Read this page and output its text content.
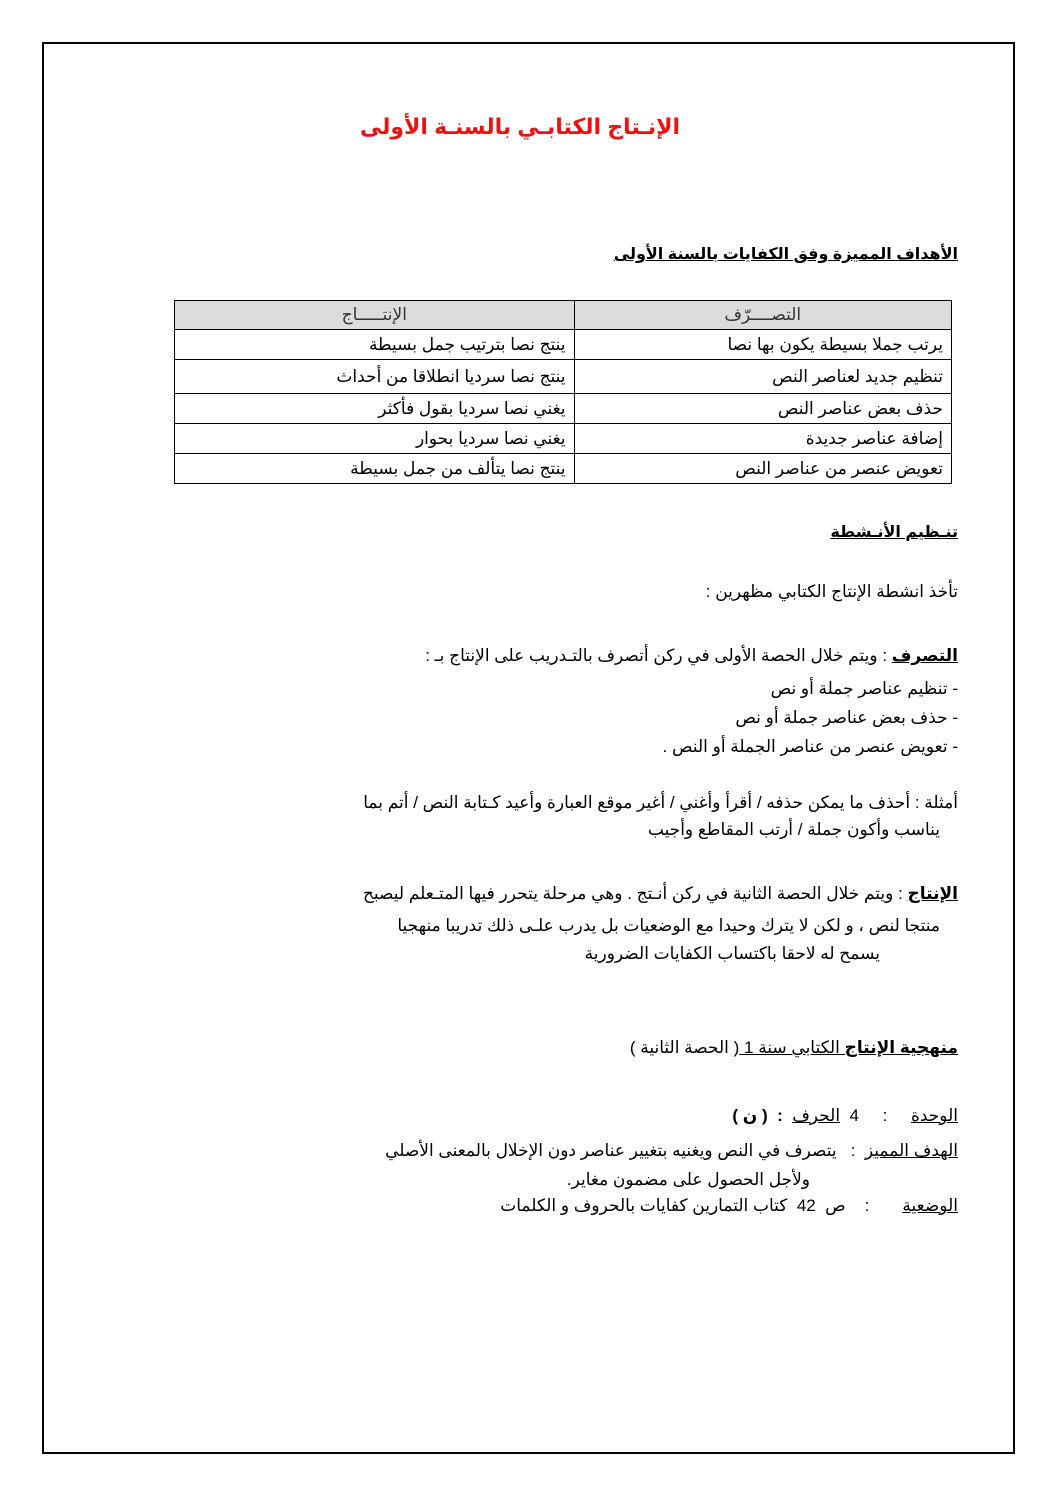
الإنـتاج الكتابـي بالسنـة الأولى
الأهداف المميزة وفق الكفايات بالسنة الأولى
التصــــرّف	الإنتـــــاج
يرتب جملا بسيطة يكون بها نصا	ينتج نصا بترتيب جمل بسيطة
تنظيم جديد لعناصر النص	ينتج نصا سرديا انطلاقا من أحداث
حذف بعض عناصر النص	يغني نصا سرديا بقول فأكثر
إضافة عناصر جديدة	يغني نصا سرديا بحوار
تعويض عنصر من عناصر النص	ينتج نصا يتألف من جمل بسيطة
تنـظيم الأنـشطة
تأخذ انشطة الإنتاج الكتابي مظهرين :
التصرف : ويتم خلال الحصة الأولى في ركن أتصرف بالتـدريب على الإنتاج بـ :
- تنظيم عناصر جملة أو نص
- حذف بعض عناصر جملة أو نص
- تعويض عنصر من عناصر الجملة أو النص .
أمثلة : أحذف ما يمكن حذفه / أقرأ وأغني / أغير موقع العبارة وأعيد كـتابة النص / أتم بما
يناسب وأكون جملة / أرتب المقاطع وأجيب
الإنتاج : ويتم خلال الحصة الثانية في ركن أنـتج . وهي مرحلة يتحرر فيها المتـعلم ليصبح
منتجا لنص ، و لكن لا يترك وحيدا مع الوضعيات بل يدرب علـى ذلك تدريبا منهجيا
يسمح له لاحقا باكتساب الكفايات الضرورية
منهجية الإنتاج الكتابي سنة 1 ( الحصة الثانية )
الوحدة     :     4  الحرف  :  ( ن )
الهدف المميز  :   يتصرف في النص ويغنيه بتغيير عناصر دون الإخلال بالمعنى الأصلي
ولأجل الحصول على مضمون مغاير.
الوضعية       :    ص  42  كتاب التمارين كفايات بالحروف و الكلمات
